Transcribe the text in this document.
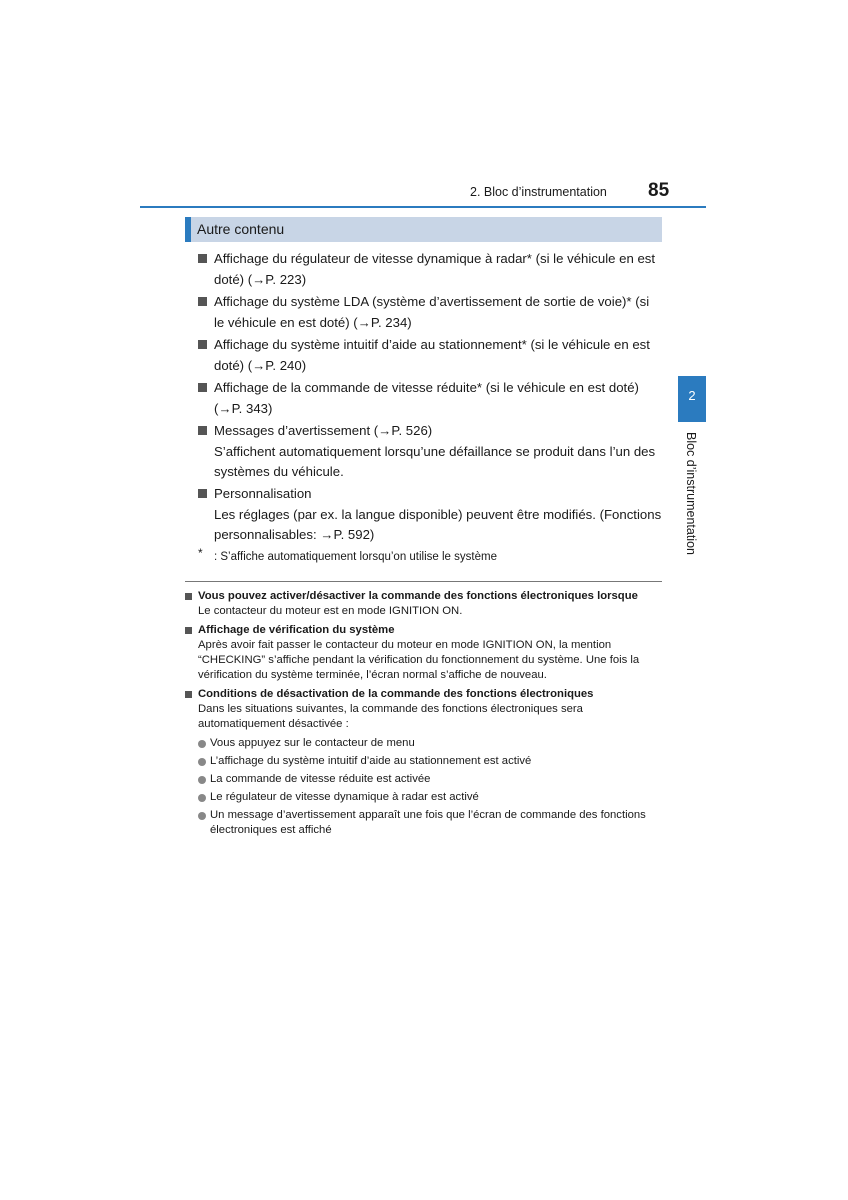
2. Bloc d’instrumentation 85
2
Bloc d’instrumentation
Autre contenu
Affichage du régulateur de vitesse dynamique à radar* (si le véhicule en est doté) (→P. 223)
Affichage du système LDA (système d’avertissement de sortie de voie)* (si le véhicule en est doté) (→P. 234)
Affichage du système intuitif d’aide au stationnement* (si le véhicule en est doté) (→P. 240)
Affichage de la commande de vitesse réduite* (si le véhicule en est doté) (→P. 343)
Messages d’avertissement (→P. 526)
S’affichent automatiquement lorsqu’une défaillance se produit dans l’un des systèmes du véhicule.
Personnalisation
Les réglages (par ex. la langue disponible) peuvent être modifiés. (Fonctions personnalisables: →P. 592)
* : S’affiche automatiquement lorsqu’on utilise le système
Vous pouvez activer/désactiver la commande des fonctions électroniques lorsque
Le contacteur du moteur est en mode IGNITION ON.
Affichage de vérification du système
Après avoir fait passer le contacteur du moteur en mode IGNITION ON, la mention “CHECKING” s’affiche pendant la vérification du fonctionnement du système. Une fois la vérification du système terminée, l’écran normal s’affiche de nouveau.
Conditions de désactivation de la commande des fonctions électroniques
Dans les situations suivantes, la commande des fonctions électroniques sera automatiquement désactivée :
Vous appuyez sur le contacteur de menu
L’affichage du système intuitif d’aide au stationnement est activé
La commande de vitesse réduite est activée
Le régulateur de vitesse dynamique à radar est activé
Un message d’avertissement apparaît une fois que l’écran de commande des fonctions électroniques est affiché
